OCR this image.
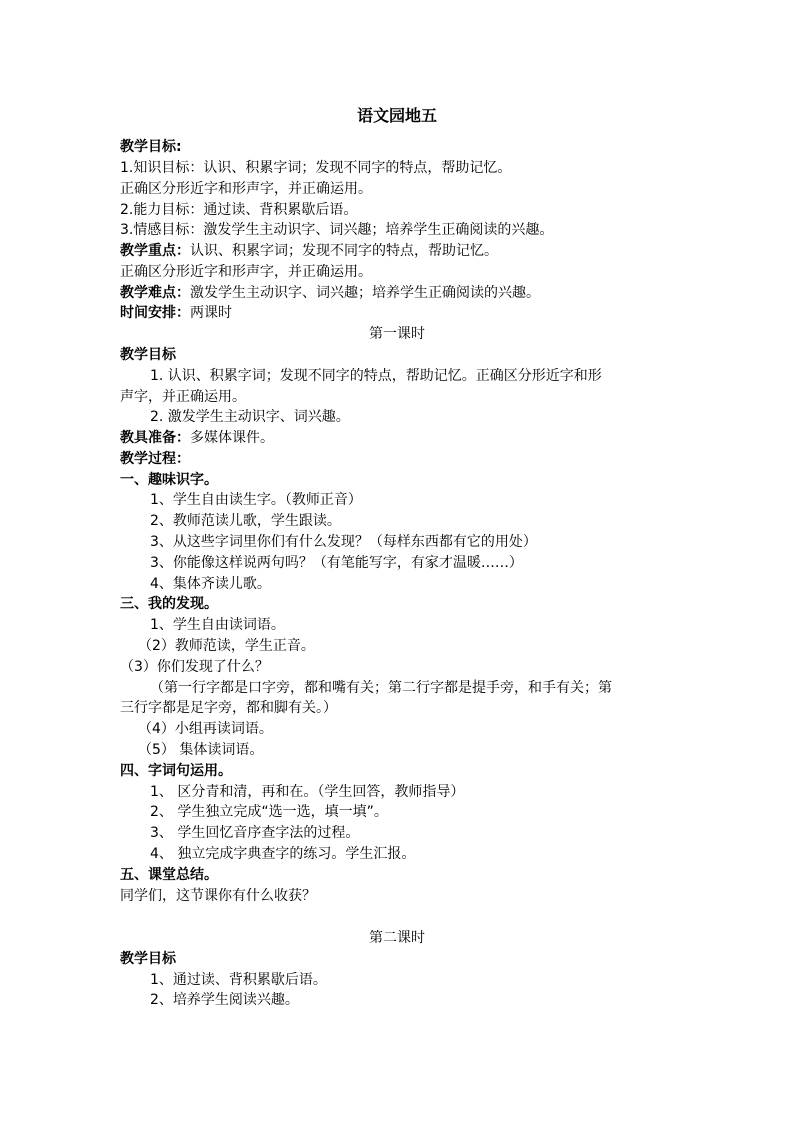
语文园地五
教学目标:
1.知识目标：认识、积累字词；发现不同字的特点，帮助记忆。
正确区分形近字和形声字，并正确运用。
2.能力目标：通过读、背积累歇后语。
3.情感目标：激发学生主动识字、词兴趣；培养学生正确阅读的兴趣。
教学重点：认识、积累字词；发现不同字的特点，帮助记忆。
正确区分形近字和形声字，并正确运用。
教学难点：激发学生主动识字、词兴趣；培养学生正确阅读的兴趣。
时间安排：两课时
第一课时
教学目标
1. 认识、积累字词；发现不同字的特点，帮助记忆。正确区分形近字和形
声字，并正确运用。
2. 激发学生主动识字、词兴趣。
教具准备：多媒体课件。
教学过程：
一、趣味识字。
1、学生自由读生字。（教师正音）
2、教师范读儿歌，学生跟读。
3、从这些字词里你们有什么发现？（每样东西都有它的用处）
3、你能像这样说两句吗？（有笔能写字，有家才温暖……）
4、集体齐读儿歌。
三、我的发现。
1、学生自由读词语。
（2）教师范读，学生正音。
（3）你们发现了什么？
（第一行字都是口字旁，都和嘴有关；第二行字都是提手旁，和手有关；第
三行字都是足字旁，都和脚有关。）
（4）小组再读词语。
（5） 集体读词语。
四、字词句运用。
1、 区分青和清，再和在。（学生回答，教师指导）
2、 学生独立完成“选一选，填一填”。
3、 学生回忆音序查字法的过程。
4、 独立完成字典查字的练习。学生汇报。
五、课堂总结。
同学们，这节课你有什么收获？
第二课时
教学目标
1、通过读、背积累歇后语。
2、培养学生阅读兴趣。
